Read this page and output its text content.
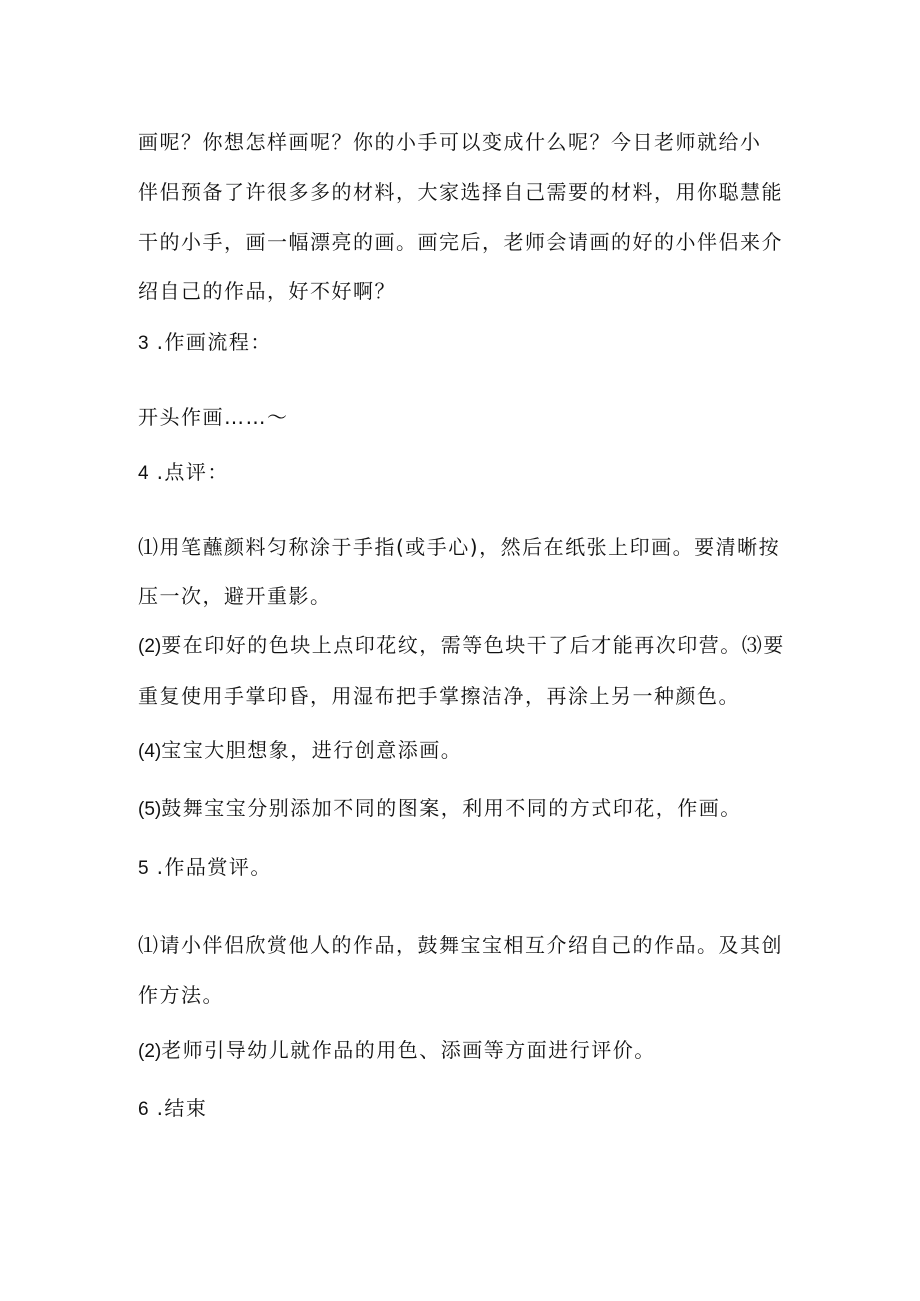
画呢？你想怎样画呢？你的小手可以变成什么呢？今日老师就给小
伴侣预备了许很多多的材料，大家选择自己需要的材料，用你聪慧能
干的小手，画一幅漂亮的画。画完后，老师会请画的好的小伴侣来介
绍自己的作品，好不好啊？
3 .作画流程：
开头作画……～
4 .点评：
⑴用笔蘸颜料匀称涂于手指(或手心)，然后在纸张上印画。要清晰按
压一次，避开重影。
(2)要在印好的色块上点印花纹，需等色块干了后才能再次印营。⑶要
重复使用手掌印昏，用湿布把手掌擦洁净，再涂上另一种颜色。
(4)宝宝大胆想象，进行创意添画。
(5)鼓舞宝宝分别添加不同的图案，利用不同的方式印花，作画。
5 .作品赏评。
⑴请小伴侣欣赏他人的作品，鼓舞宝宝相互介绍自己的作品。及其创
作方法。
(2)老师引导幼儿就作品的用色、添画等方面进行评价。
6 .结束
